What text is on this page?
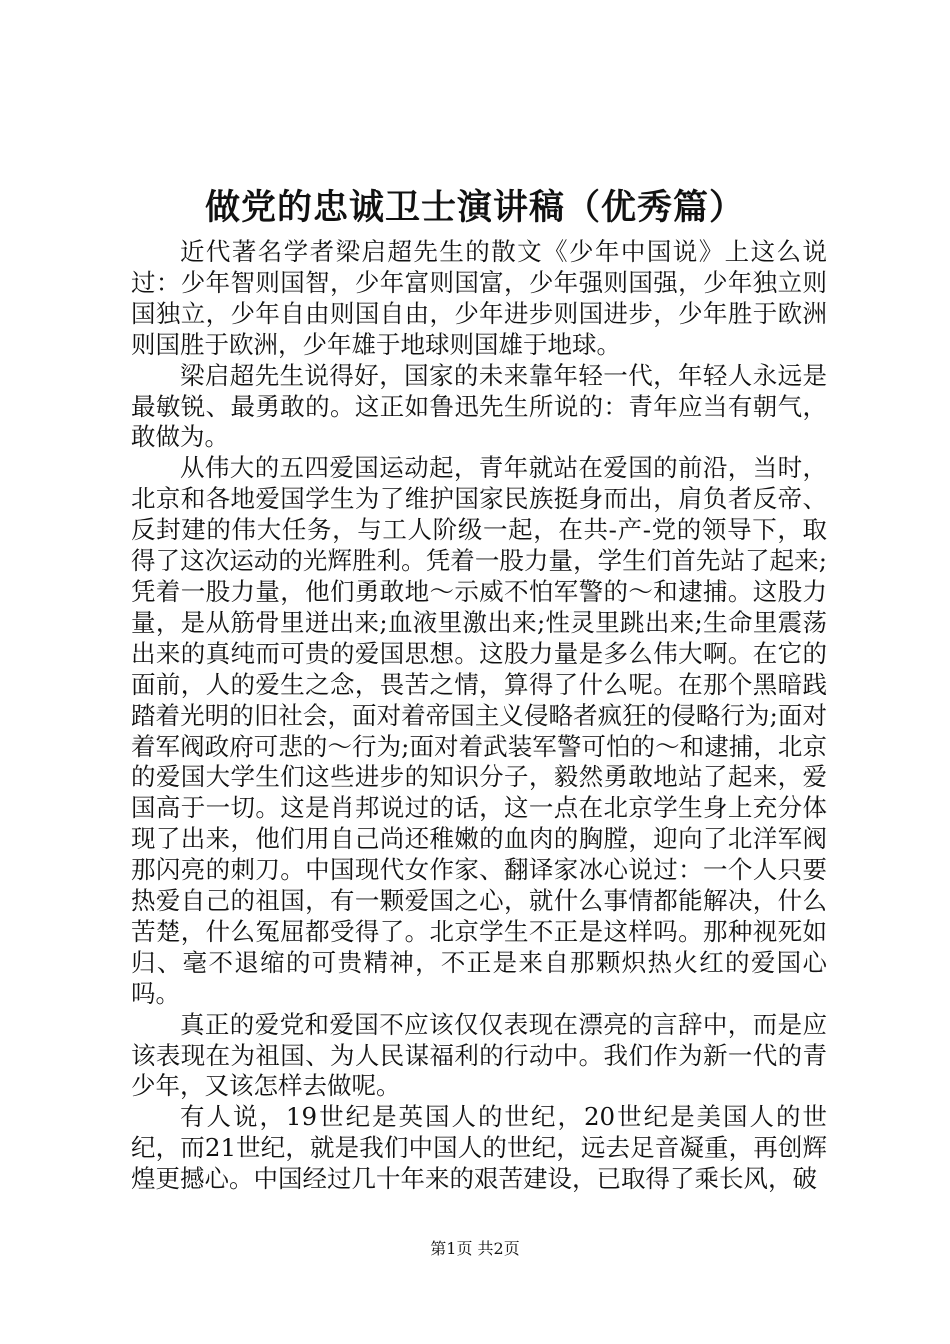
做党的忠诚卫士演讲稿（优秀篇）

近代著名学者梁启超先生的散文《少年中国说》上这么说过：少年智则国智，少年富则国富，少年强则国强，少年独立则国独立，少年自由则国自由，少年进步则国进步，少年胜于欧洲则国胜于欧洲，少年雄于地球则国雄于地球。

梁启超先生说得好，国家的未来靠年轻一代，年轻人永远是最敏锐、最勇敢的。这正如鲁迅先生所说的：青年应当有朝气，敢做为。

从伟大的五四爱国运动起，青年就站在爱国的前沿，当时，北京和各地爱国学生为了维护国家民族挺身而出，肩负者反帝、反封建的伟大任务，与工人阶级一起，在共-产-党的领导下，取得了这次运动的光辉胜利。凭着一股力量，学生们首先站了起来;凭着一股力量，他们勇敢地～示威不怕军警的～和逮捕。这股力量，是从筋骨里迸出来;血液里激出来;性灵里跳出来;生命里震荡出来的真纯而可贵的爱国思想。这股力量是多么伟大啊。在它的面前，人的爱生之念，畏苦之情，算得了什么呢。在那个黑暗践踏着光明的旧社会，面对着帝国主义侵略者疯狂的侵略行为;面对着军阀政府可悲的～行为;面对着武装军警可怕的～和逮捕，北京的爱国大学生们这些进步的知识分子，毅然勇敢地站了起来，爱国高于一切。这是肖邦说过的话，这一点在北京学生身上充分体现了出来，他们用自己尚还稚嫩的血肉的胸膛，迎向了北洋军阀那闪亮的刺刀。中国现代女作家、翻译家冰心说过：一个人只要热爱自己的祖国，有一颗爱国之心，就什么事情都能解决，什么苦楚，什么冤屈都受得了。北京学生不正是这样吗。那种视死如归、毫不退缩的可贵精神，不正是来自那颗炽热火红的爱国心吗。

真正的爱党和爱国不应该仅仅表现在漂亮的言辞中，而是应该表现在为祖国、为人民谋福利的行动中。我们作为新一代的青少年，又该怎样去做呢。

有人说，19世纪是英国人的世纪，20世纪是美国人的世纪，而21世纪，就是我们中国人的世纪，远去足音凝重，再创辉煌更撼心。中国经过几十年来的艰苦建设，已取得了乘长风，破

第1页 共2页
